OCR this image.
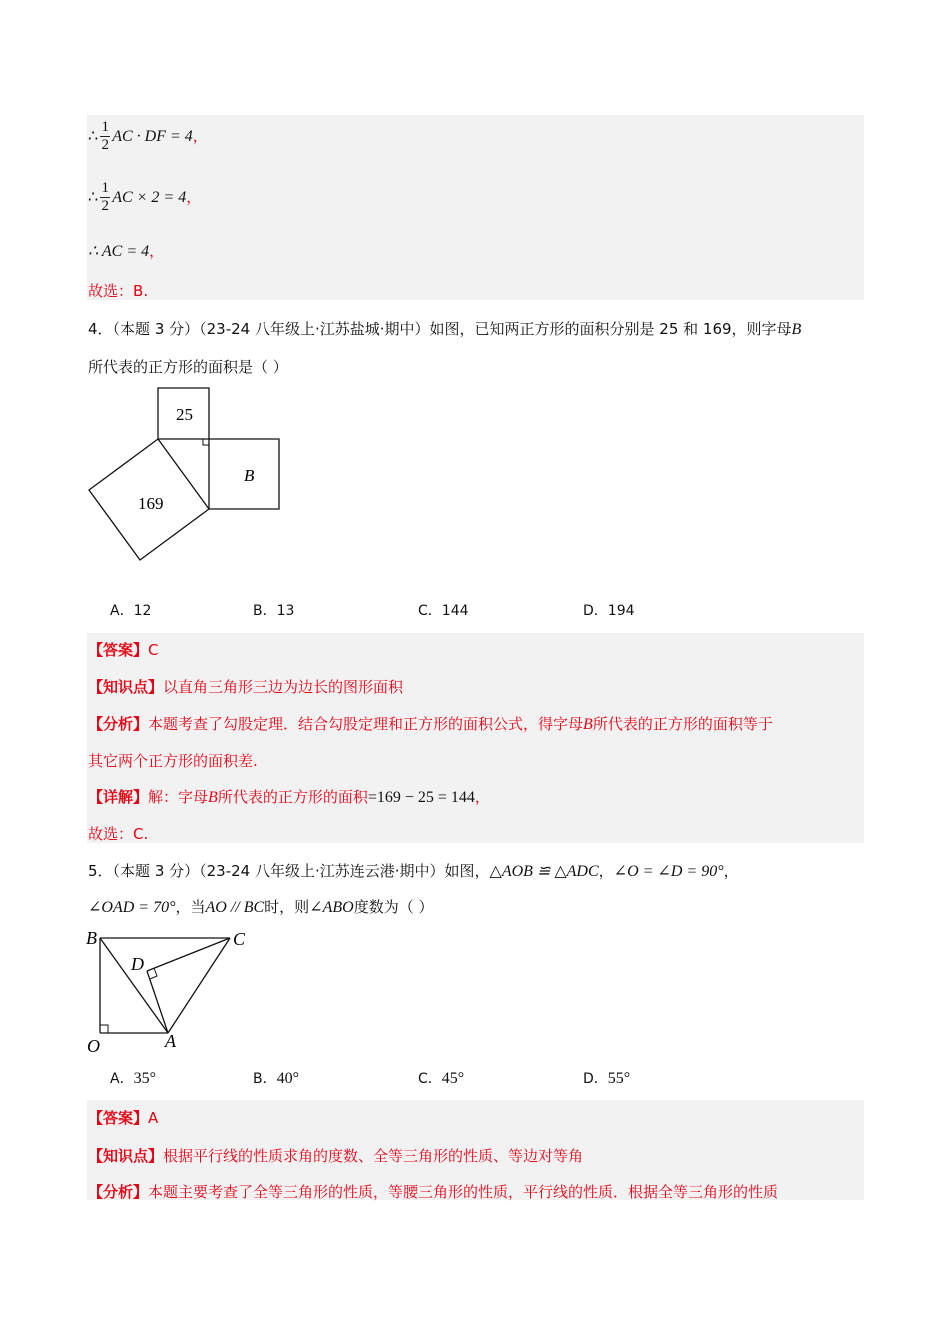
∴ $\frac{1}{2}$ AC · DF = 4，
∴ $\frac{1}{2}$ AC × 2 = 4，
∴ AC = 4，
故选：B.
4．（本题 3 分）（23-24 八年级上·江苏盐城·期中）如图，已知两正方形的面积分别是 25 和 169，则字母B
所代表的正方形的面积是（ ）
25
169
B
A．12	B．13	C．144	D．194
【答案】C
【知识点】以直角三角形三边为边长的图形面积
【分析】本题考查了勾股定理．结合勾股定理和正方形的面积公式，得字母B所代表的正方形的面积等于
其它两个正方形的面积差.
【详解】解：字母B所代表的正方形的面积=169 − 25 = 144，
故选：C.
5．（本题 3 分）（23-24 八年级上·江苏连云港·期中）如图，△AOB ≌ △ADC，∠O = ∠D = 90°，
∠OAD = 70°，当AO // BC时，则∠ABO度数为（ ）
B	C
D
O	A
A．35°	B．40°	C．45°	D．55°
【答案】A
【知识点】根据平行线的性质求角的度数、全等三角形的性质、等边对等角
【分析】本题主要考查了全等三角形的性质，等腰三角形的性质，平行线的性质．根据全等三角形的性质
